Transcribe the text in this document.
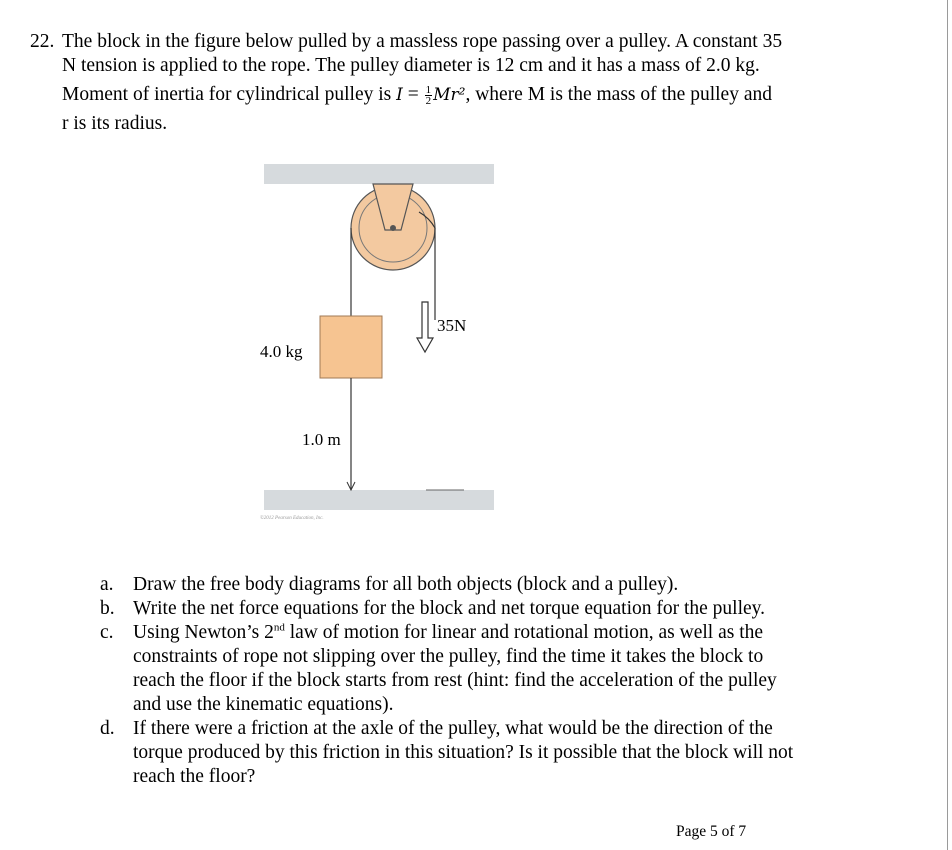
22. The block in the figure below pulled by a massless rope passing over a pulley. A constant 35
N tension is applied to the rope. The pulley diameter is 12 cm and it has a mass of 2.0 kg.
Moment of inertia for cylindrical pulley is $I = \frac{1}{2} Mr^2$, where M is the mass of the pulley and
r is its radius.
4.0 kg
1.0 m
35N
©2012 Pearson Education, Inc.
a. Draw the free body diagrams for all both objects (block and a pulley).
b. Write the net force equations for the block and net torque equation for the pulley.
c. Using Newton’s 2nd law of motion for linear and rotational motion, as well as the
constraints of rope not slipping over the pulley, find the time it takes the block to
reach the floor if the block starts from rest (hint: find the acceleration of the pulley
and use the kinematic equations).
d. If there were a friction at the axle of the pulley, what would be the direction of the
torque produced by this friction in this situation? Is it possible that the block will not
reach the floor?
Page 5 of 7
